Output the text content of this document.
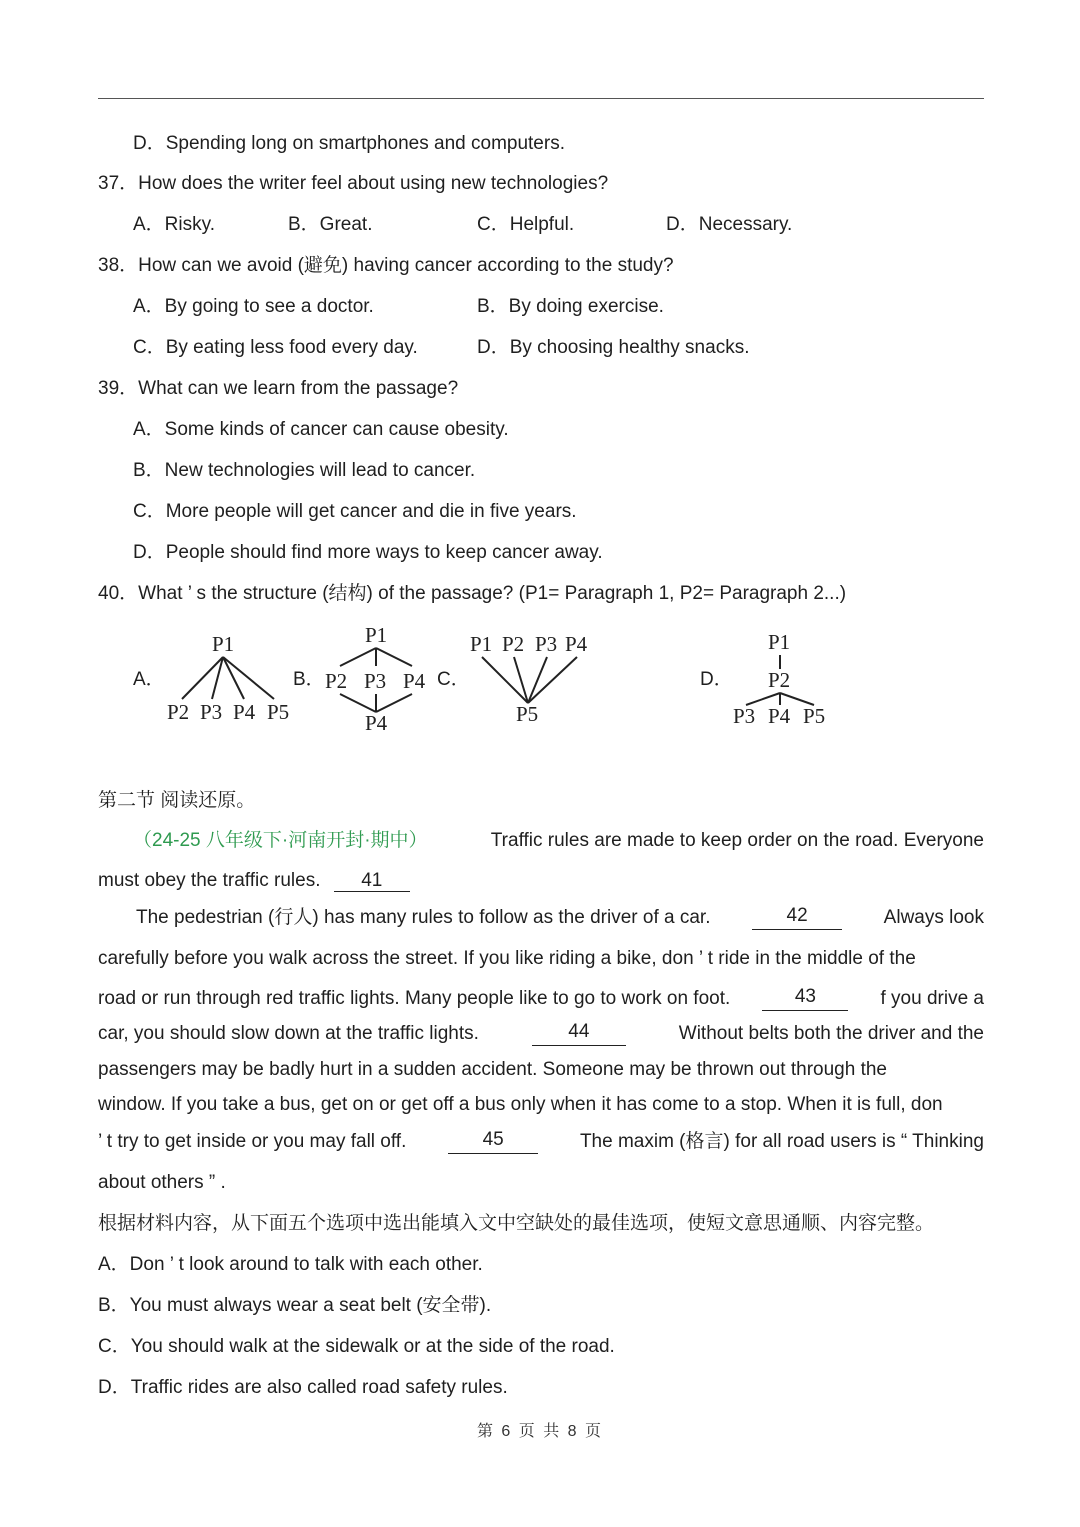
D．Spending long on smartphones and computers.
37．How does the writer feel about using new technologies?
A．Risky.	B．Great.	C．Helpful.	D．Necessary.
38．How can we avoid (避免) having cancer according to the study?
A．By going to see a doctor.	B．By doing exercise.
C．By eating less food every day.	D．By choosing healthy snacks.
39．What can we learn from the passage?
A．Some kinds of cancer can cause obesity.
B．New technologies will lead to cancer.
C．More people will get cancer and die in five years.
D．People should find more ways to keep cancer away.
40．What ’ s the structure (结构) of the passage? (P1= Paragraph 1, P2= Paragraph 2...)
A．	B．	C．	D．
P1
P2 P3 P4 P5
P1
P2 P3 P4
P4
P1 P2 P3 P4
P5
P1
P2
P3 P4 P5
第二节 阅读还原。
（24-25 八年级下·河南开封·期中）	Traffic rules are made to keep order on the road. Everyone
must obey the traffic rules. 41
The pedestrian (行人) has many rules to follow as the driver of a car.	42	Always look
carefully before you walk across the street. If you like riding a bike, don ’ t ride in the middle of the
road or run through red traffic lights. Many people like to go to work on foot.	43	f you drive a
car, you should slow down at the traffic lights.	44	Without belts both the driver and the
passengers may be badly hurt in a sudden accident. Someone may be thrown out through the
window. If you take a bus, get on or get off a bus only when it has come to a stop. When it is full, don
’ t try to get inside or you may fall off.	45	The maxim (格言) for all road users is “ Thinking
about others ” .
根据材料内容，从下面五个选项中选出能填入文中空缺处的最佳选项，使短文意思通顺、内容完整。
A．Don ’ t look around to talk with each other.
B．You must always wear a seat belt (安全带).
C．You should walk at the sidewalk or at the side of the road.
D．Traffic rides are also called road safety rules.
第 6 页 共 8 页
